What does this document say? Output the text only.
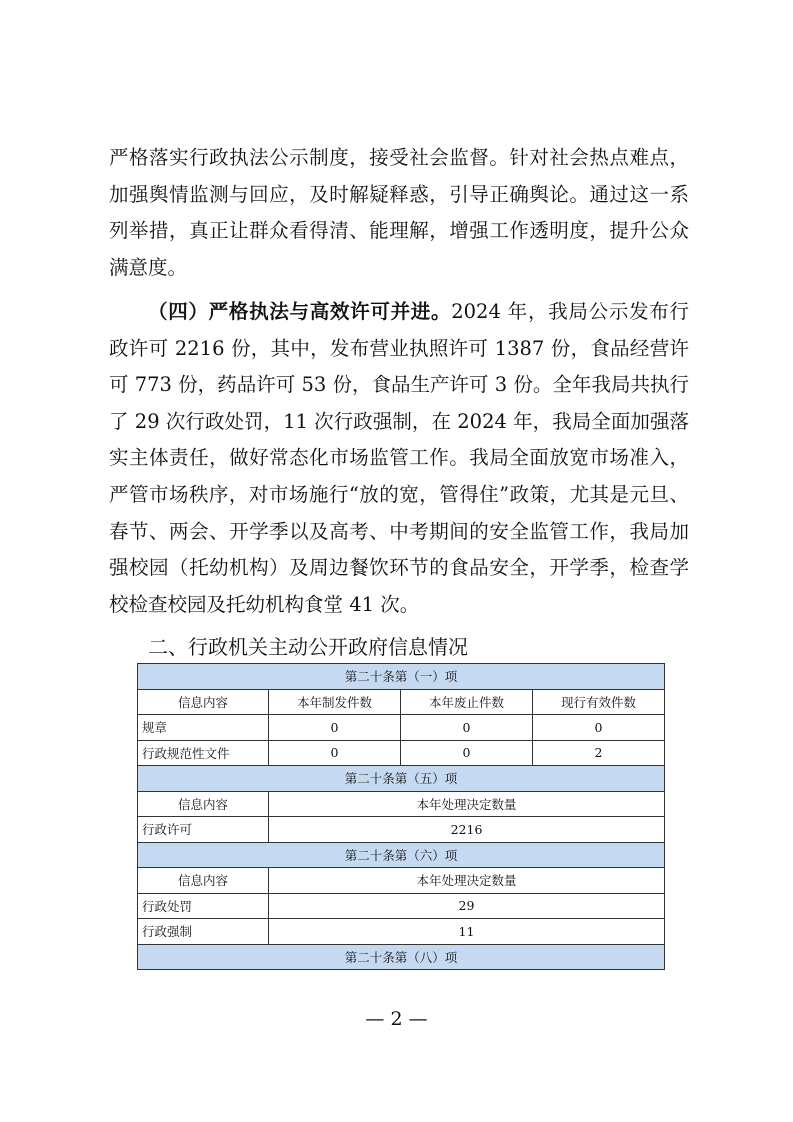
严格落实行政执法公示制度，接受社会监督。针对社会热点难点，加强舆情监测与回应，及时解疑释惑，引导正确舆论。通过这一系列举措，真正让群众看得清、能理解，增强工作透明度，提升公众满意度。

（四）严格执法与高效许可并进。2024 年，我局公示发布行政许可 2216 份，其中，发布营业执照许可 1387 份，食品经营许可 773 份，药品许可 53 份，食品生产许可 3 份。全年我局共执行了 29 次行政处罚，11 次行政强制，在 2024 年，我局全面加强落实主体责任，做好常态化市场监管工作。我局全面放宽市场准入，严管市场秩序，对市场施行“放的宽，管得住”政策，尤其是元旦、春节、两会、开学季以及高考、中考期间的安全监管工作，我局加强校园（托幼机构）及周边餐饮环节的食品安全，开学季，检查学校检查校园及托幼机构食堂 41 次。

二、行政机关主动公开政府信息情况
第二十条第（一）项			
信息内容	本年制发件数	本年废止件数	现行有效件数
规章	0	0	0
行政规范性文件	0	0	2
第二十条第（五）项			
信息内容	本年处理决定数量		
行政许可	2216		
第二十条第（六）项			
信息内容	本年处理决定数量		
行政处罚	29		
行政强制	11		
第二十条第（八）项			
— 2 —
